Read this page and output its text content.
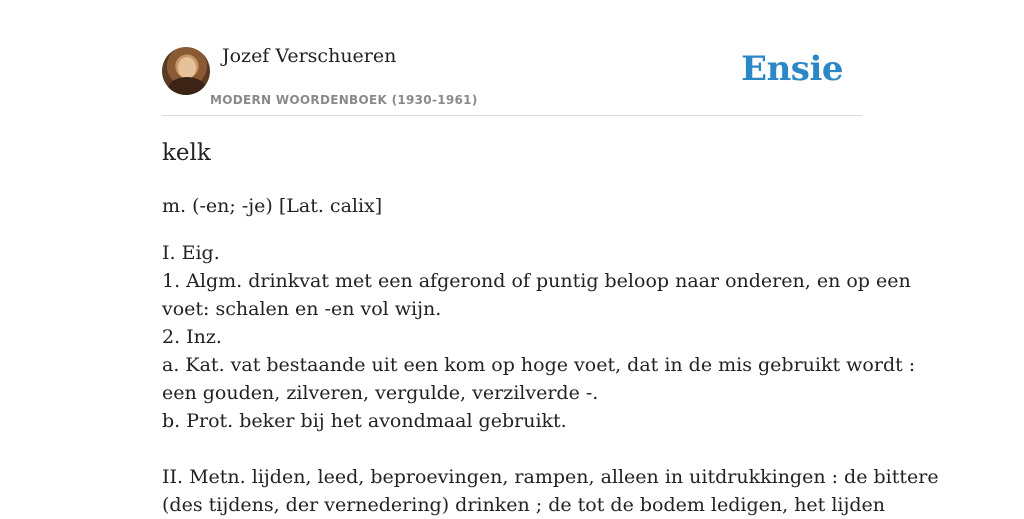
Jozef Verschueren
MODERN WOORDENBOEK (1930-1961)
Ensie
kelk
m. (-en; -je) [Lat. calix]
I. Eig.
1. Algm. drinkvat met een afgerond of puntig beloop naar onderen, en op een
voet: schalen en -en vol wijn.
2. Inz.
a. Kat. vat bestaande uit een kom op hoge voet, dat in de mis gebruikt wordt :
een gouden, zilveren, vergulde, verzilverde -.
b. Prot. beker bij het avondmaal gebruikt.
II. Metn. lijden, leed, beproevingen, rampen, alleen in uitdrukkingen : de bittere
(des tijdens, der vernedering) drinken ; de tot de bodem ledigen, het lijden
